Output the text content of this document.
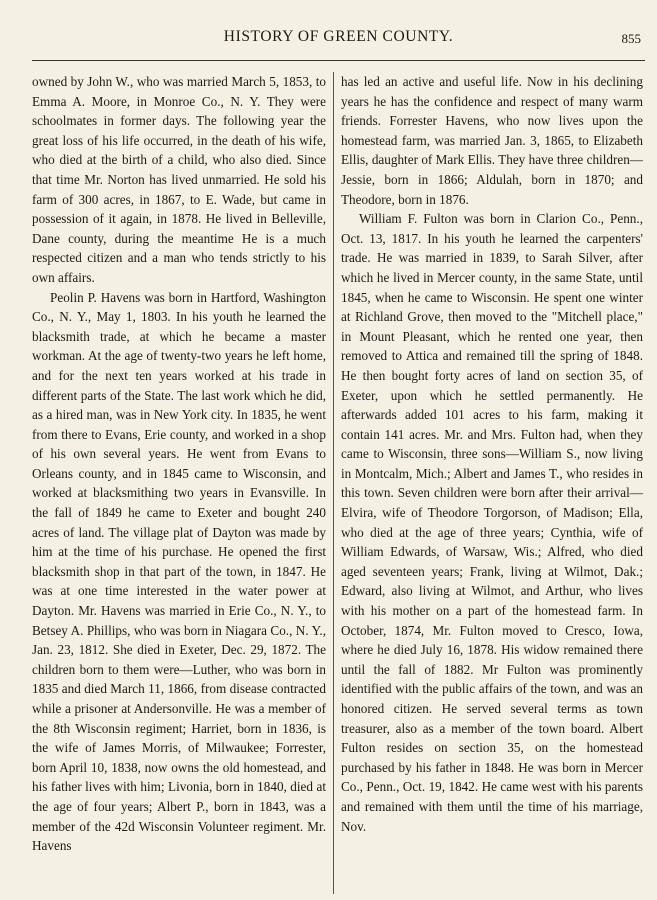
HISTORY OF GREEN COUNTY.	855

owned by John W., who was married March 5, 1853, to Emma A. Moore, in Monroe Co., N. Y. They were schoolmates in former days. The following year the great loss of his life occurred, in the death of his wife, who died at the birth of a child, who also died. Since that time Mr. Norton has lived unmarried. He sold his farm of 300 acres, in 1867, to E. Wade, but came in possession of it again, in 1878. He lived in Belleville, Dane county, during the meantime He is a much respected citizen and a man who tends strictly to his own affairs.

Peolin P. Havens was born in Hartford, Washington Co., N. Y., May 1, 1803. In his youth he learned the blacksmith trade, at which he became a master workman. At the age of twenty-two years he left home, and for the next ten years worked at his trade in different parts of the State. The last work which he did, as a hired man, was in New York city. In 1835, he went from there to Evans, Erie county, and worked in a shop of his own several years. He went from Evans to Orleans county, and in 1845 came to Wisconsin, and worked at blacksmithing two years in Evansville. In the fall of 1849 he came to Exeter and bought 240 acres of land. The village plat of Dayton was made by him at the time of his purchase. He opened the first blacksmith shop in that part of the town, in 1847. He was at one time interested in the water power at Dayton. Mr. Havens was married in Erie Co., N. Y., to Betsey A. Phillips, who was born in Niagara Co., N. Y., Jan. 23, 1812. She died in Exeter, Dec. 29, 1872. The children born to them were—Luther, who was born in 1835 and died March 11, 1866, from disease contracted while a prisoner at Andersonville. He was a member of the 8th Wisconsin regiment; Harriet, born in 1836, is the wife of James Morris, of Milwaukee; Forrester, born April 10, 1838, now owns the old homestead, and his father lives with him; Livonia, born in 1840, died at the age of four years; Albert P., born in 1843, was a member of the 42d Wisconsin Volunteer regiment. Mr. Havens

has led an active and useful life. Now in his declining years he has the confidence and respect of many warm friends. Forrester Havens, who now lives upon the homestead farm, was married Jan. 3, 1865, to Elizabeth Ellis, daughter of Mark Ellis. They have three children—Jessie, born in 1866; Aldulah, born in 1870; and Theodore, born in 1876.

William F. Fulton was born in Clarion Co., Penn., Oct. 13, 1817. In his youth he learned the carpenters' trade. He was married in 1839, to Sarah Silver, after which he lived in Mercer county, in the same State, until 1845, when he came to Wisconsin. He spent one winter at Richland Grove, then moved to the "Mitchell place," in Mount Pleasant, which he rented one year, then removed to Attica and remained till the spring of 1848. He then bought forty acres of land on section 35, of Exeter, upon which he settled permanently. He afterwards added 101 acres to his farm, making it contain 141 acres. Mr. and Mrs. Fulton had, when they came to Wisconsin, three sons—William S., now living in Montcalm, Mich.; Albert and James T., who resides in this town. Seven children were born after their arrival—Elvira, wife of Theodore Torgorson, of Madison; Ella, who died at the age of three years; Cynthia, wife of William Edwards, of Warsaw, Wis.; Alfred, who died aged seventeen years; Frank, living at Wilmot, Dak.; Edward, also living at Wilmot, and Arthur, who lives with his mother on a part of the homestead farm. In October, 1874, Mr. Fulton moved to Cresco, Iowa, where he died July 16, 1878. His widow remained there until the fall of 1882. Mr Fulton was prominently identified with the public affairs of the town, and was an honored citizen. He served several terms as town treasurer, also as a member of the town board. Albert Fulton resides on section 35, on the homestead purchased by his father in 1848. He was born in Mercer Co., Penn., Oct. 19, 1842. He came west with his parents and remained with them until the time of his marriage, Nov.
